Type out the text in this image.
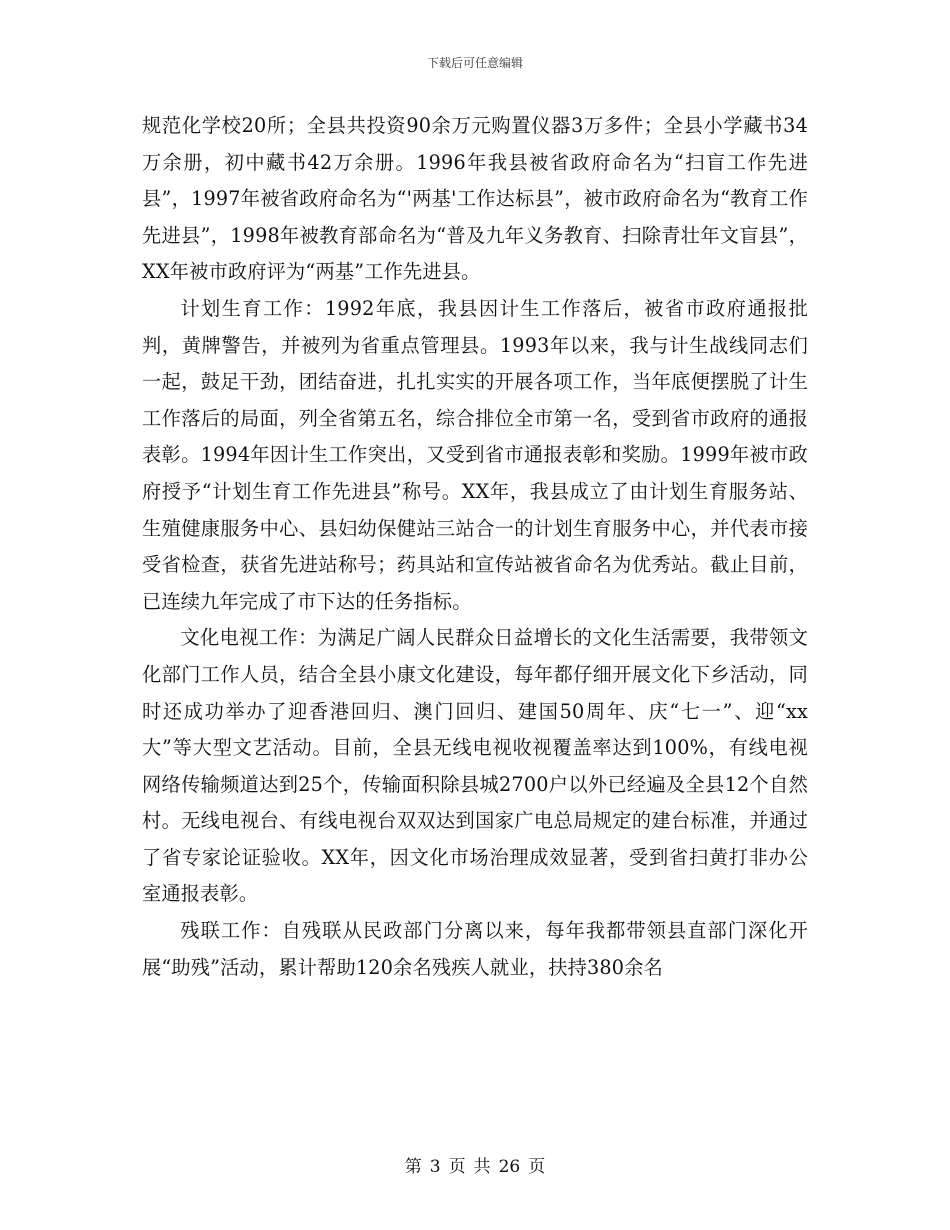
下载后可任意编辑

规范化学校20所；全县共投资90余万元购置仪器3万多件；全县小学藏书34万余册，初中藏书42万余册。1996年我县被省政府命名为“扫盲工作先进县”，1997年被省政府命名为“'两基'工作达标县”，被市政府命名为“教育工作先进县”，1998年被教育部命名为“普及九年义务教育、扫除青壮年文盲县”，XX年被市政府评为“两基”工作先进县。

计划生育工作：1992年底，我县因计生工作落后，被省市政府通报批判，黄牌警告，并被列为省重点管理县。1993年以来，我与计生战线同志们一起，鼓足干劲，团结奋进，扎扎实实的开展各项工作，当年底便摆脱了计生工作落后的局面，列全省第五名，综合排位全市第一名，受到省市政府的通报表彰。1994年因计生工作突出，又受到省市通报表彰和奖励。1999年被市政府授予“计划生育工作先进县”称号。XX年，我县成立了由计划生育服务站、生殖健康服务中心、县妇幼保健站三站合一的计划生育服务中心，并代表市接受省检查，获省先进站称号；药具站和宣传站被省命名为优秀站。截止目前，已连续九年完成了市下达的任务指标。

文化电视工作：为满足广阔人民群众日益增长的文化生活需要，我带领文化部门工作人员，结合全县小康文化建设，每年都仔细开展文化下乡活动，同时还成功举办了迎香港回归、澳门回归、建国50周年、庆“七一”、迎“xx大”等大型文艺活动。目前，全县无线电视收视覆盖率达到100%，有线电视网络传输频道达到25个，传输面积除县城2700户以外已经遍及全县12个自然村。无线电视台、有线电视台双双达到国家广电总局规定的建台标准，并通过了省专家论证验收。XX年，因文化市场治理成效显著，受到省扫黄打非办公室通报表彰。

残联工作：自残联从民政部门分离以来，每年我都带领县直部门深化开展“助残”活动，累计帮助120余名残疾人就业，扶持380余名

第 3 页 共 26 页
